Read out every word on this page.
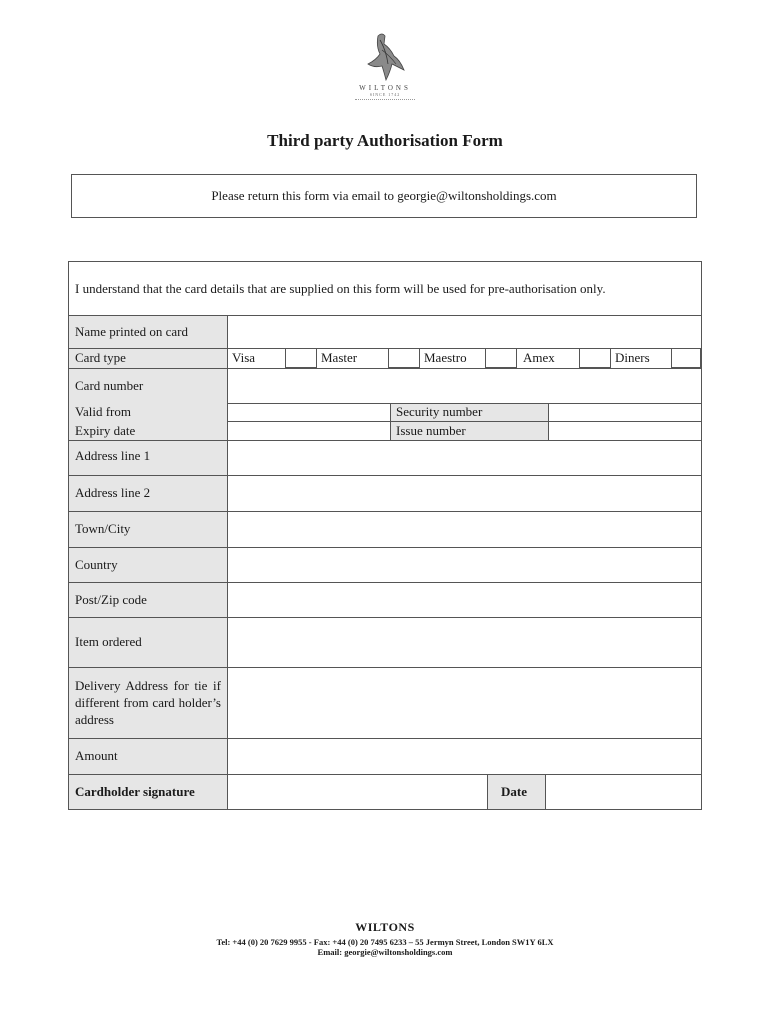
WILTONS
SINCE 1742
Third party Authorisation Form
Please return this form via email to georgie@wiltonsholdings.com
I understand that the card details that are supplied on this form will be used for pre-authorisation only.
Name printed on card
Card type	Visa	Master	Maestro	Amex	Diners
Card number
Valid from	Security number
Expiry date	Issue number
Address line 1
Address line 2
Town/City
Country
Post/Zip code
Item ordered
Delivery Address for tie if different from card holder’s address
Amount
Cardholder signature	Date
WILTONS
Tel: +44 (0) 20 7629 9955 - Fax: +44 (0) 20 7495 6233 – 55 Jermyn Street, London SW1Y 6LX
Email: georgie@wiltonsholdings.com
